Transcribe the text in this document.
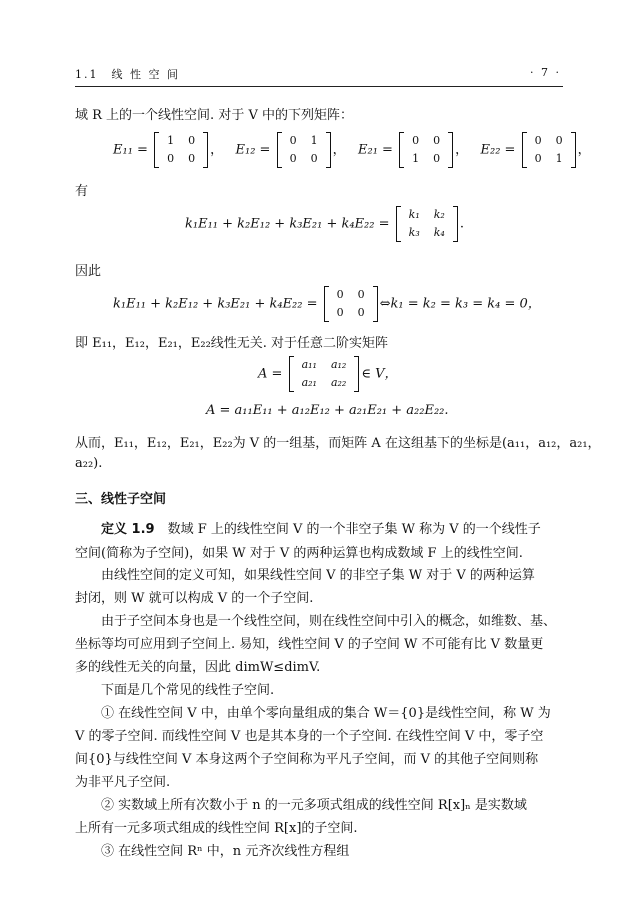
1.1　线 性 空 间	· 7 ·
域 R 上的一个线性空间. 对于 V 中的下列矩阵：
E₁₁ =
1	0
0	0
， E₁₂ =
0	1
0	0
， E₂₁ =
0	0
1	0
， E₂₂ =
0	0
0	1
，
有
k₁E₁₁ + k₂E₁₂ + k₃E₂₁ + k₄E₂₂ =
k₁	k₂
k₃	k₄
.
因此
k₁E₁₁ + k₂E₁₂ + k₃E₂₁ + k₄E₂₂ =
0	0
0	0
⇔k₁ = k₂ = k₃ = k₄ = 0，
即 E₁₁，E₁₂，E₂₁，E₂₂线性无关. 对于任意二阶实矩阵
A =
a₁₁	a₁₂
a₂₁	a₂₂
∈ V，
A = a₁₁E₁₁ + a₁₂E₁₂ + a₂₁E₂₁ + a₂₂E₂₂.
从而，E₁₁，E₁₂，E₂₁，E₂₂为 V 的一组基，而矩阵 A 在这组基下的坐标是(a₁₁，a₁₂，a₂₁，
a₂₂).
三、线性子空间
定义 1.9　数域 F 上的线性空间 V 的一个非空子集 W 称为 V 的一个线性子
空间(简称为子空间)，如果 W 对于 V 的两种运算也构成数域 F 上的线性空间.
由线性空间的定义可知，如果线性空间 V 的非空子集 W 对于 V 的两种运算
封闭，则 W 就可以构成 V 的一个子空间.
由于子空间本身也是一个线性空间，则在线性空间中引入的概念，如维数、基、
坐标等均可应用到子空间上. 易知，线性空间 V 的子空间 W 不可能有比 V 数量更
多的线性无关的向量，因此 dimW≤dimV.
下面是几个常见的线性子空间.
① 在线性空间 V 中，由单个零向量组成的集合 W＝{0}是线性空间，称 W 为
V 的零子空间. 而线性空间 V 也是其本身的一个子空间. 在线性空间 V 中，零子空
间{0}与线性空间 V 本身这两个子空间称为平凡子空间，而 V 的其他子空间则称
为非平凡子空间.
② 实数域上所有次数小于 n 的一元多项式组成的线性空间 R[x]ₙ 是实数域
上所有一元多项式组成的线性空间 R[x]的子空间.
③ 在线性空间 Rⁿ 中，n 元齐次线性方程组
